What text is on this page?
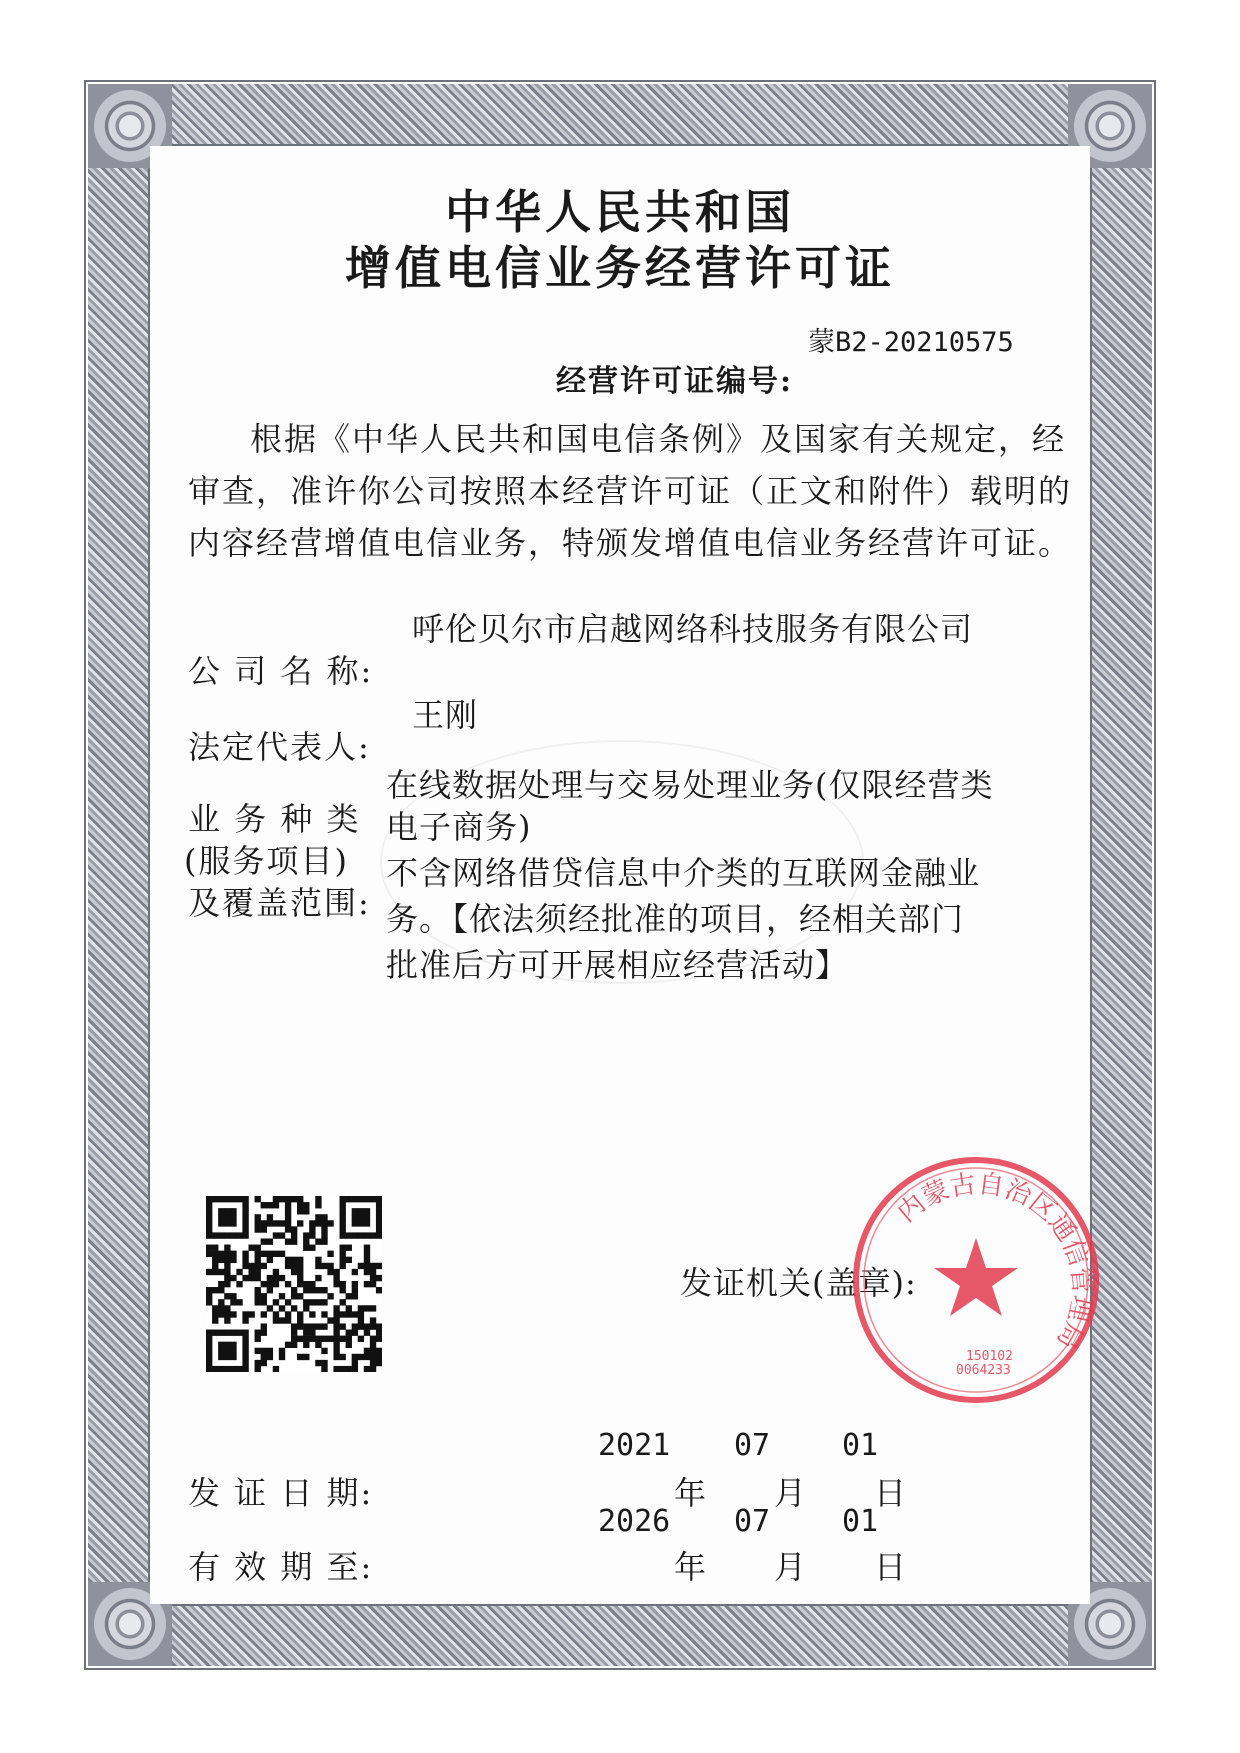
中华人民共和国
增值电信业务经营许可证
蒙B2-20210575
经营许可证编号:
根据《中华人民共和国电信条例》及国家有关规定，经
审查，准许你公司按照本经营许可证（正文和附件）载明的
内容经营增值电信业务，特颁发增值电信业务经营许可证。
呼伦贝尔市启越网络科技服务有限公司
公 司 名 称:
王刚
法定代表人:
在线数据处理与交易处理业务(仅限经营类
电子商务)
不含网络借贷信息中介类的互联网金融业
务。【依法须经批准的项目，经相关部门
批准后方可开展相应经营活动】
业 务 种 类
(服务项目)
及覆盖范围:
发证机关(盖章):
内蒙古自治区通信管理局
150102
0064233
2021 07 01
发 证 日 期:	年 月 日
2026 07 01
有 效 期 至:	年 月 日
